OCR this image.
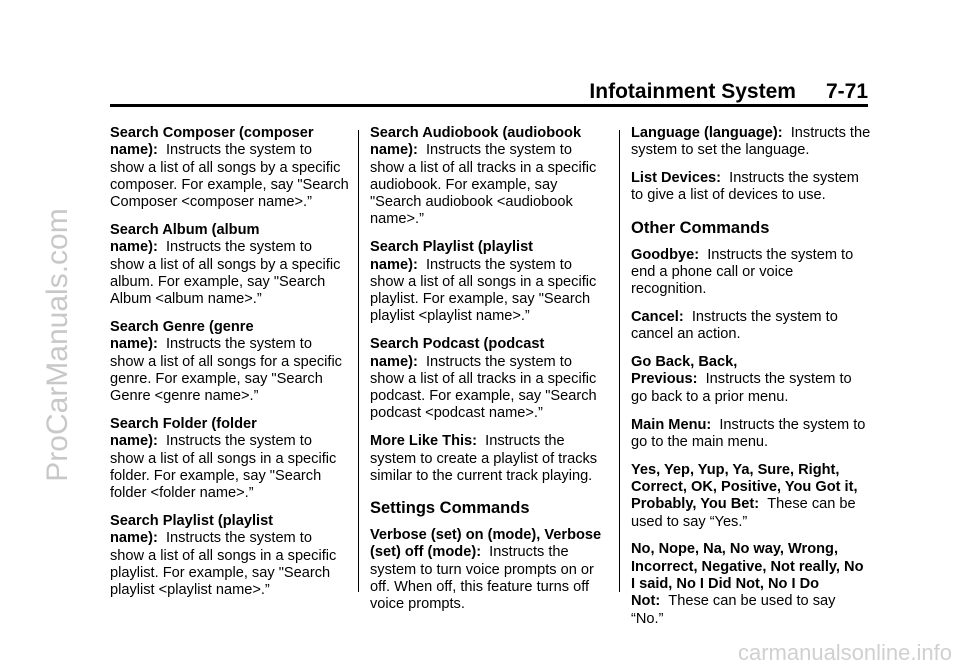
ProCarManuals.com
Infotainment System 7-71
Search Composer (composer name): Instructs the system to show a list of all songs by a specific composer. For example, say "Search Composer <composer name>.”
Search Album (album name): Instructs the system to show a list of all songs by a specific album. For example, say "Search Album <album name>.”
Search Genre (genre name): Instructs the system to show a list of all songs for a specific genre. For example, say "Search Genre <genre name>.”
Search Folder (folder name): Instructs the system to show a list of all songs in a specific folder. For example, say "Search folder <folder name>.”
Search Playlist (playlist name): Instructs the system to show a list of all songs in a specific playlist. For example, say "Search playlist <playlist name>.”
Search Audiobook (audiobook name): Instructs the system to show a list of all tracks in a specific audiobook. For example, say "Search audiobook <audiobook name>.”
Search Playlist (playlist name): Instructs the system to show a list of all songs in a specific playlist. For example, say "Search playlist <playlist name>.”
Search Podcast (podcast name): Instructs the system to show a list of all tracks in a specific podcast. For example, say "Search podcast <podcast name>.”
More Like This: Instructs the system to create a playlist of tracks similar to the current track playing.
Settings Commands
Verbose (set) on (mode), Verbose (set) off (mode): Instructs the system to turn voice prompts on or off. When off, this feature turns off voice prompts.
Language (language): Instructs the system to set the language.
List Devices: Instructs the system to give a list of devices to use.
Other Commands
Goodbye: Instructs the system to end a phone call or voice recognition.
Cancel: Instructs the system to cancel an action.
Go Back, Back, Previous: Instructs the system to go back to a prior menu.
Main Menu: Instructs the system to go to the main menu.
Yes, Yep, Yup, Ya, Sure, Right, Correct, OK, Positive, You Got it, Probably, You Bet: These can be used to say “Yes.”
No, Nope, Na, No way, Wrong, Incorrect, Negative, Not really, No I said, No I Did Not, No I Do Not: These can be used to say “No.”
carmanualsonline.info
